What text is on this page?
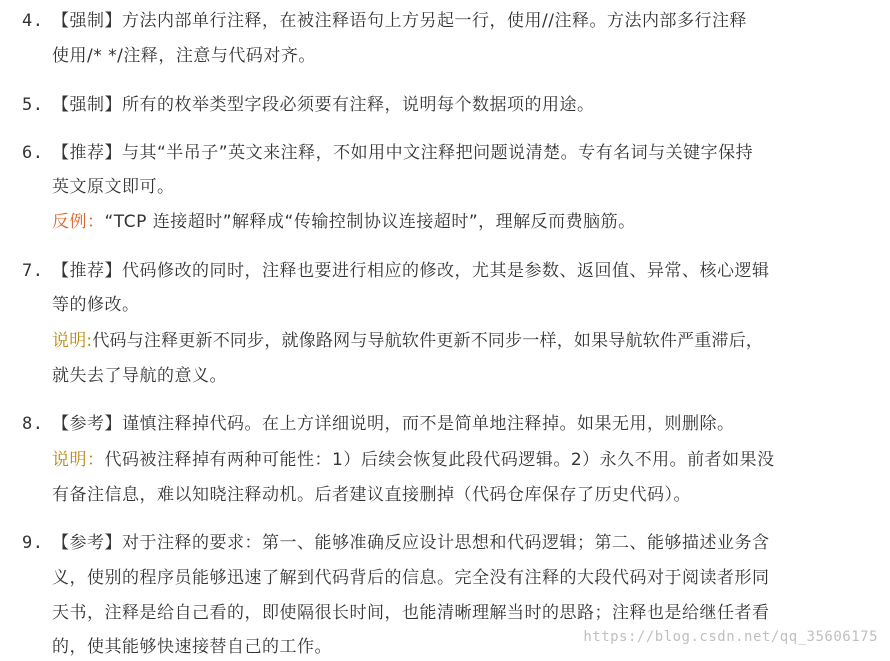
4. 【强制】方法内部单行注释，在被注释语句上方另起一行，使用//注释。方法内部多行注释
使用/* */注释，注意与代码对齐。
5. 【强制】所有的枚举类型字段必须要有注释，说明每个数据项的用途。
6. 【推荐】与其“半吊子”英文来注释，不如用中文注释把问题说清楚。专有名词与关键字保持
英文原文即可。
反例：“TCP 连接超时”解释成“传输控制协议连接超时”，理解反而费脑筋。
7. 【推荐】代码修改的同时，注释也要进行相应的修改，尤其是参数、返回值、异常、核心逻辑
等的修改。
说明:代码与注释更新不同步，就像路网与导航软件更新不同步一样，如果导航软件严重滞后，
就失去了导航的意义。
8. 【参考】谨慎注释掉代码。在上方详细说明，而不是简单地注释掉。如果无用，则删除。
说明：代码被注释掉有两种可能性：1）后续会恢复此段代码逻辑。2）永久不用。前者如果没
有备注信息，难以知晓注释动机。后者建议直接删掉（代码仓库保存了历史代码）。
9. 【参考】对于注释的要求：第一、能够准确反应设计思想和代码逻辑；第二、能够描述业务含
义，使别的程序员能够迅速了解到代码背后的信息。完全没有注释的大段代码对于阅读者形同
天书，注释是给自己看的，即使隔很长时间，也能清晰理解当时的思路；注释也是给继任者看
的，使其能够快速接替自己的工作。	https://blog.csdn.net/qq_35606175
